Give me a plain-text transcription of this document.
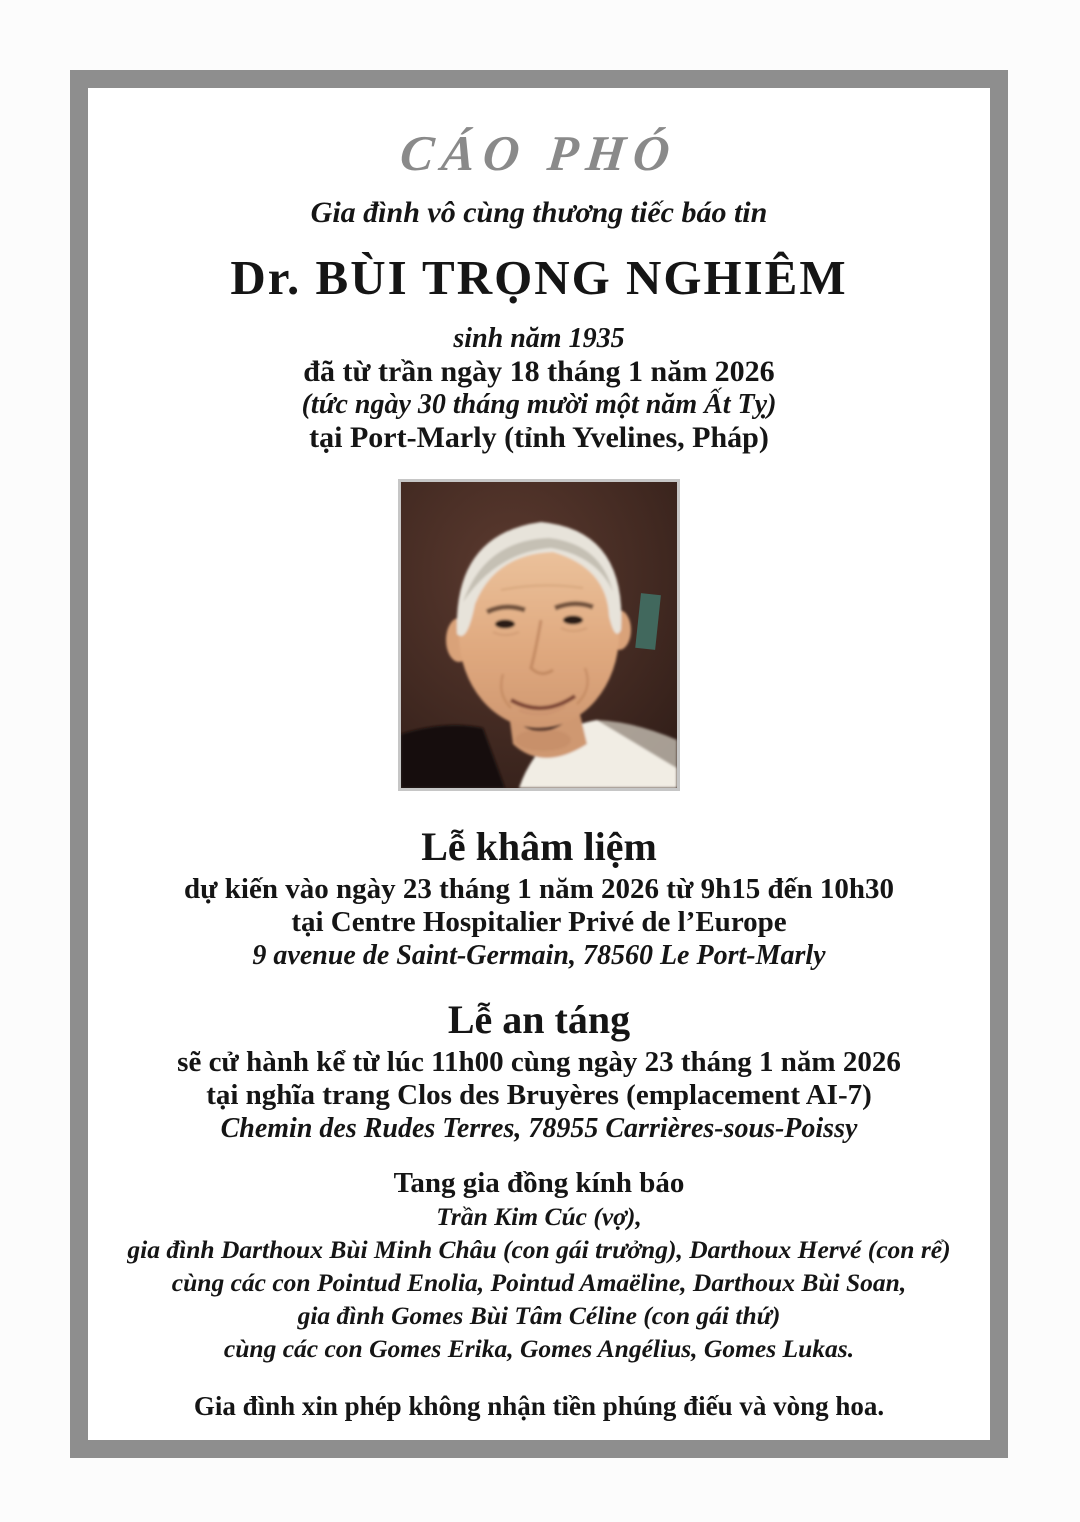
CÁO PHÓ
Gia đình vô cùng thương tiếc báo tin
Dr. BÙI TRỌNG NGHIÊM
sinh năm 1935
đã từ trần ngày 18 tháng 1 năm 2026
(tức ngày 30 tháng mười một năm Ất Tỵ)
tại Port-Marly (tỉnh Yvelines, Pháp)
Lễ khâm liệm
dự kiến vào ngày 23 tháng 1 năm 2026 từ 9h15 đến 10h30
tại Centre Hospitalier Privé de l’Europe
9 avenue de Saint-Germain, 78560 Le Port-Marly
Lễ an táng
sẽ cử hành kể từ lúc 11h00 cùng ngày 23 tháng 1 năm 2026
tại nghĩa trang Clos des Bruyères (emplacement AI-7)
Chemin des Rudes Terres, 78955 Carrières-sous-Poissy
Tang gia đồng kính báo
Trần Kim Cúc (vợ),
gia đình Darthoux Bùi Minh Châu (con gái trưởng), Darthoux Hervé (con rể)
cùng các con Pointud Enolia, Pointud Amaëline, Darthoux Bùi Soan,
gia đình Gomes Bùi Tâm Céline (con gái thứ)
cùng các con Gomes Erika, Gomes Angélius, Gomes Lukas.
Gia đình xin phép không nhận tiền phúng điếu và vòng hoa.
